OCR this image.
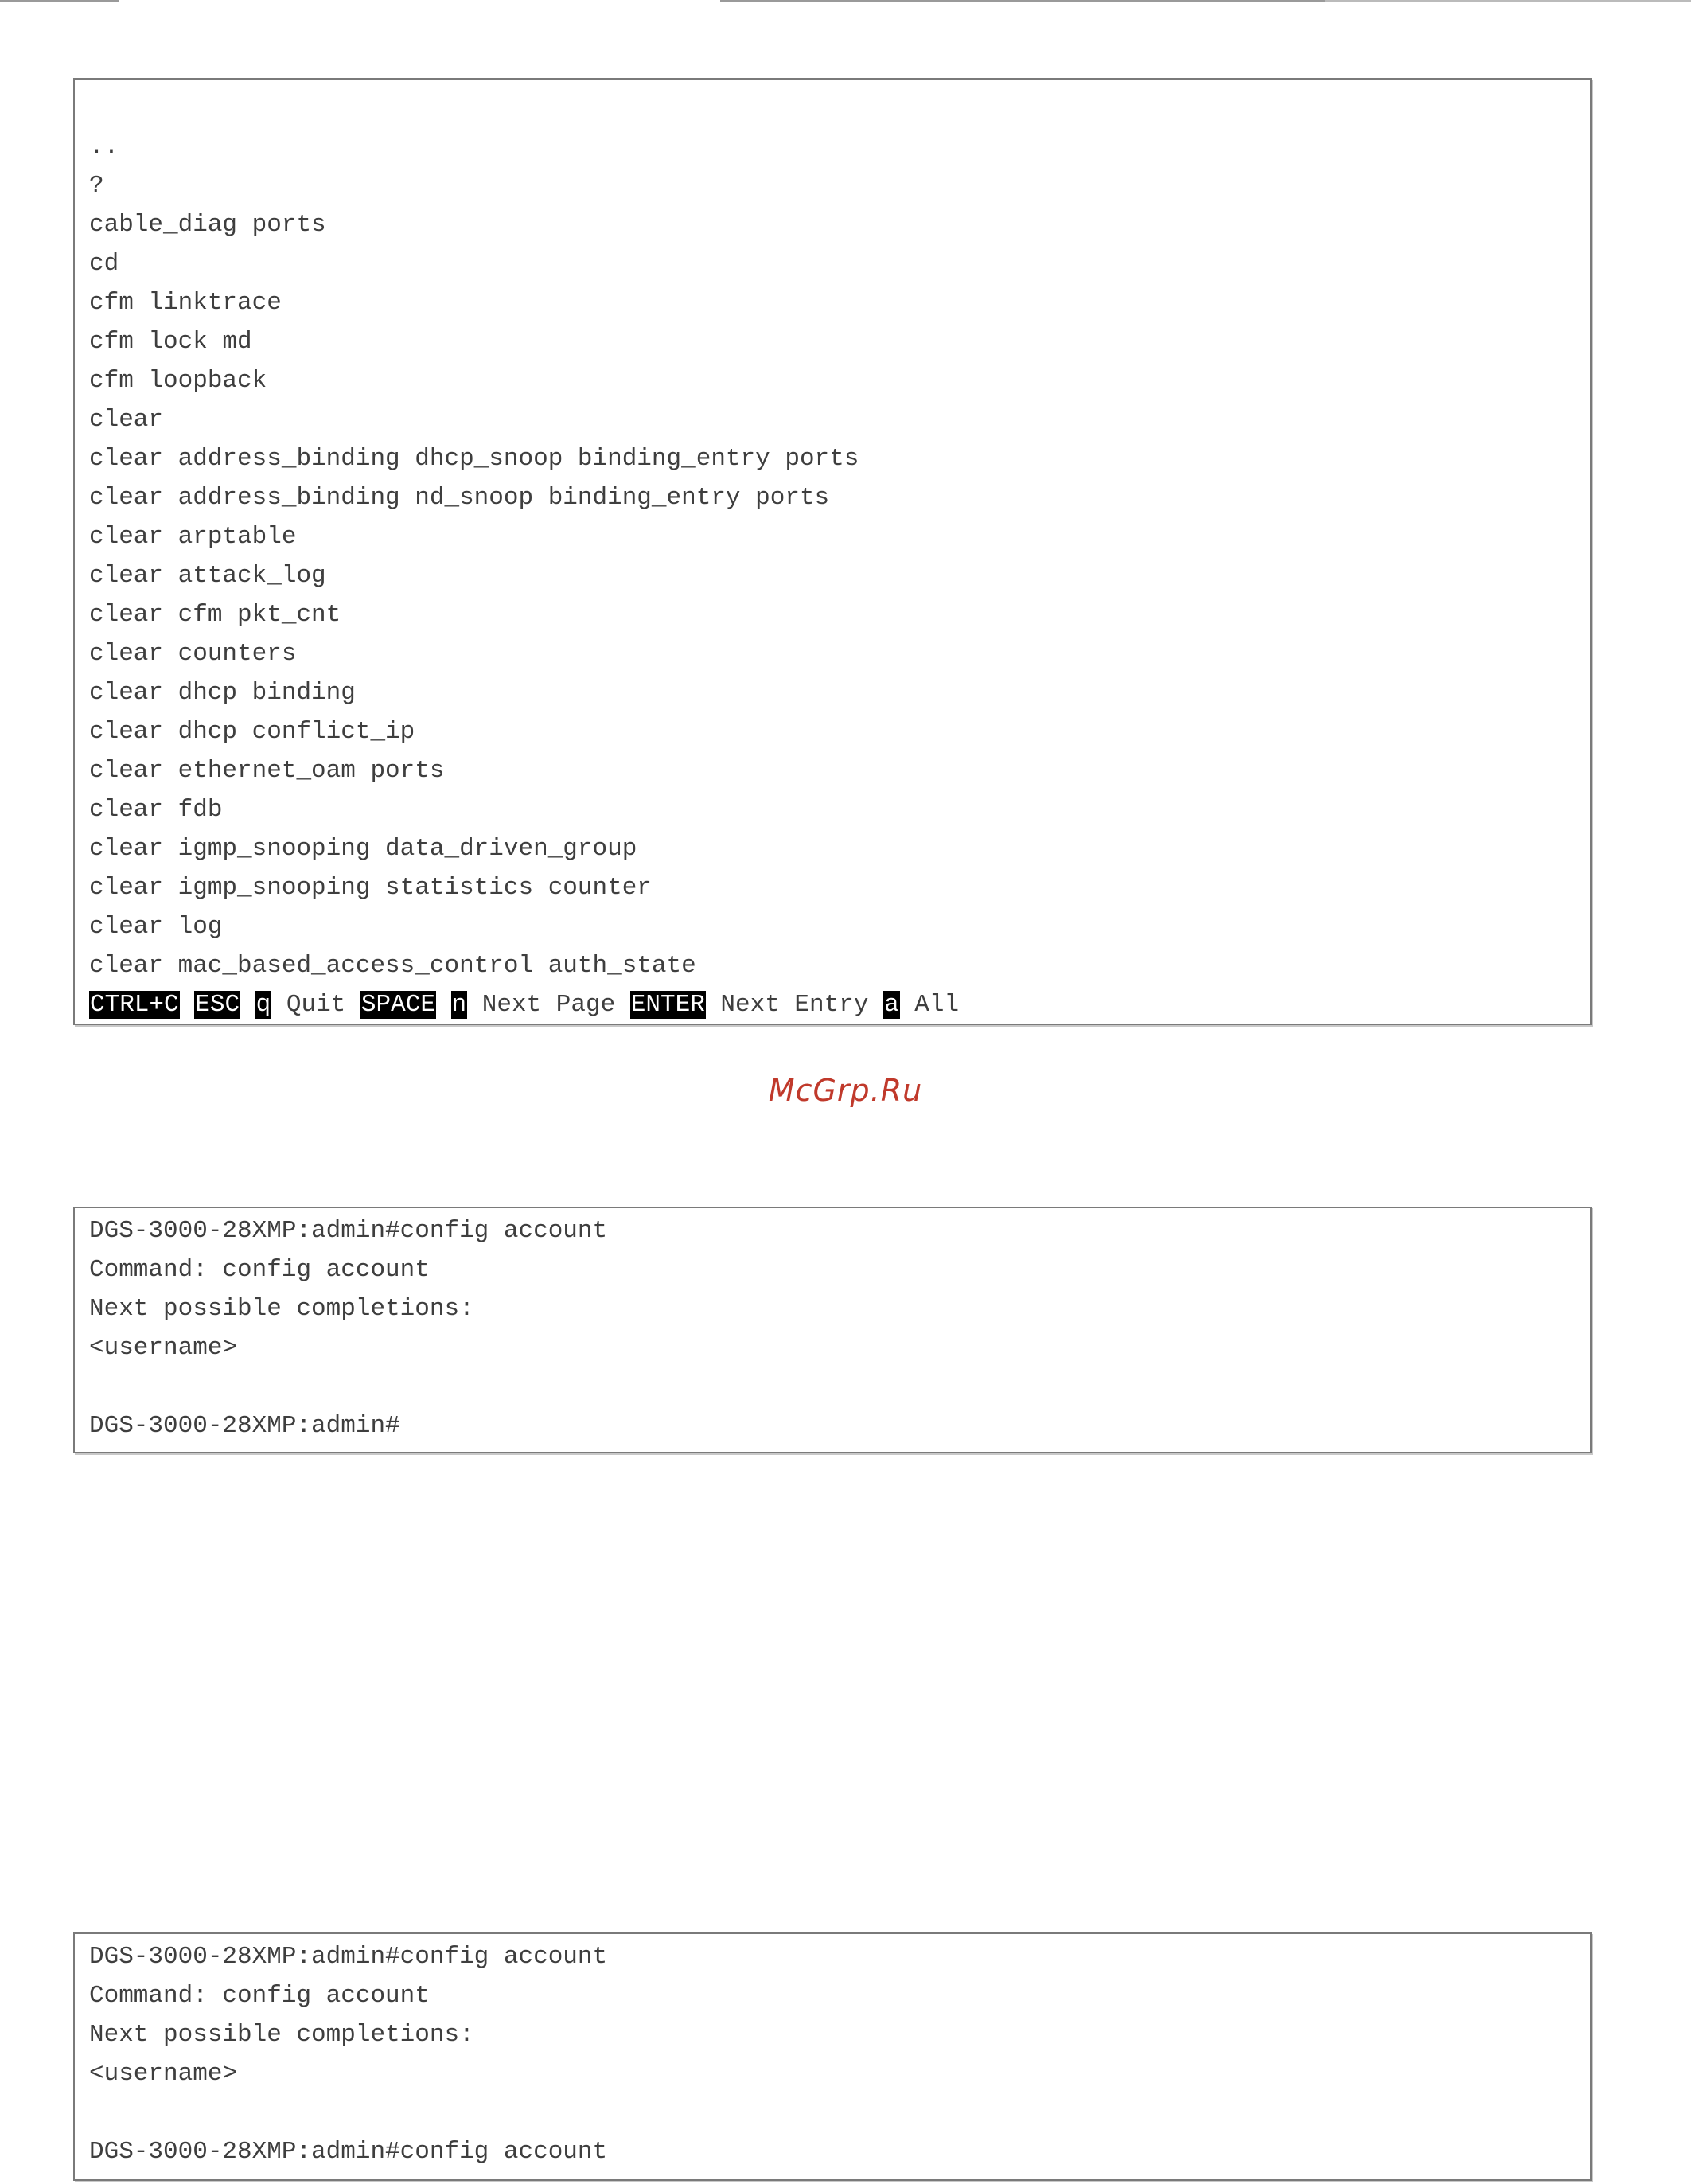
..
?
cable_diag ports
cd
cfm linktrace
cfm lock md
cfm loopback
clear
clear address_binding dhcp_snoop binding_entry ports
clear address_binding nd_snoop binding_entry ports
clear arptable
clear attack_log
clear cfm pkt_cnt
clear counters
clear dhcp binding
clear dhcp conflict_ip
clear ethernet_oam ports
clear fdb
clear igmp_snooping data_driven_group
clear igmp_snooping statistics counter
clear log
clear mac_based_access_control auth_state
CTRL+C ESC q Quit SPACE n Next Page ENTER Next Entry a All
McGrp.Ru
DGS-3000-28XMP:admin#config account
Command: config account
Next possible completions:
<username>
DGS-3000-28XMP:admin#
DGS-3000-28XMP:admin#config account
Command: config account
Next possible completions:
<username>
DGS-3000-28XMP:admin#config account
